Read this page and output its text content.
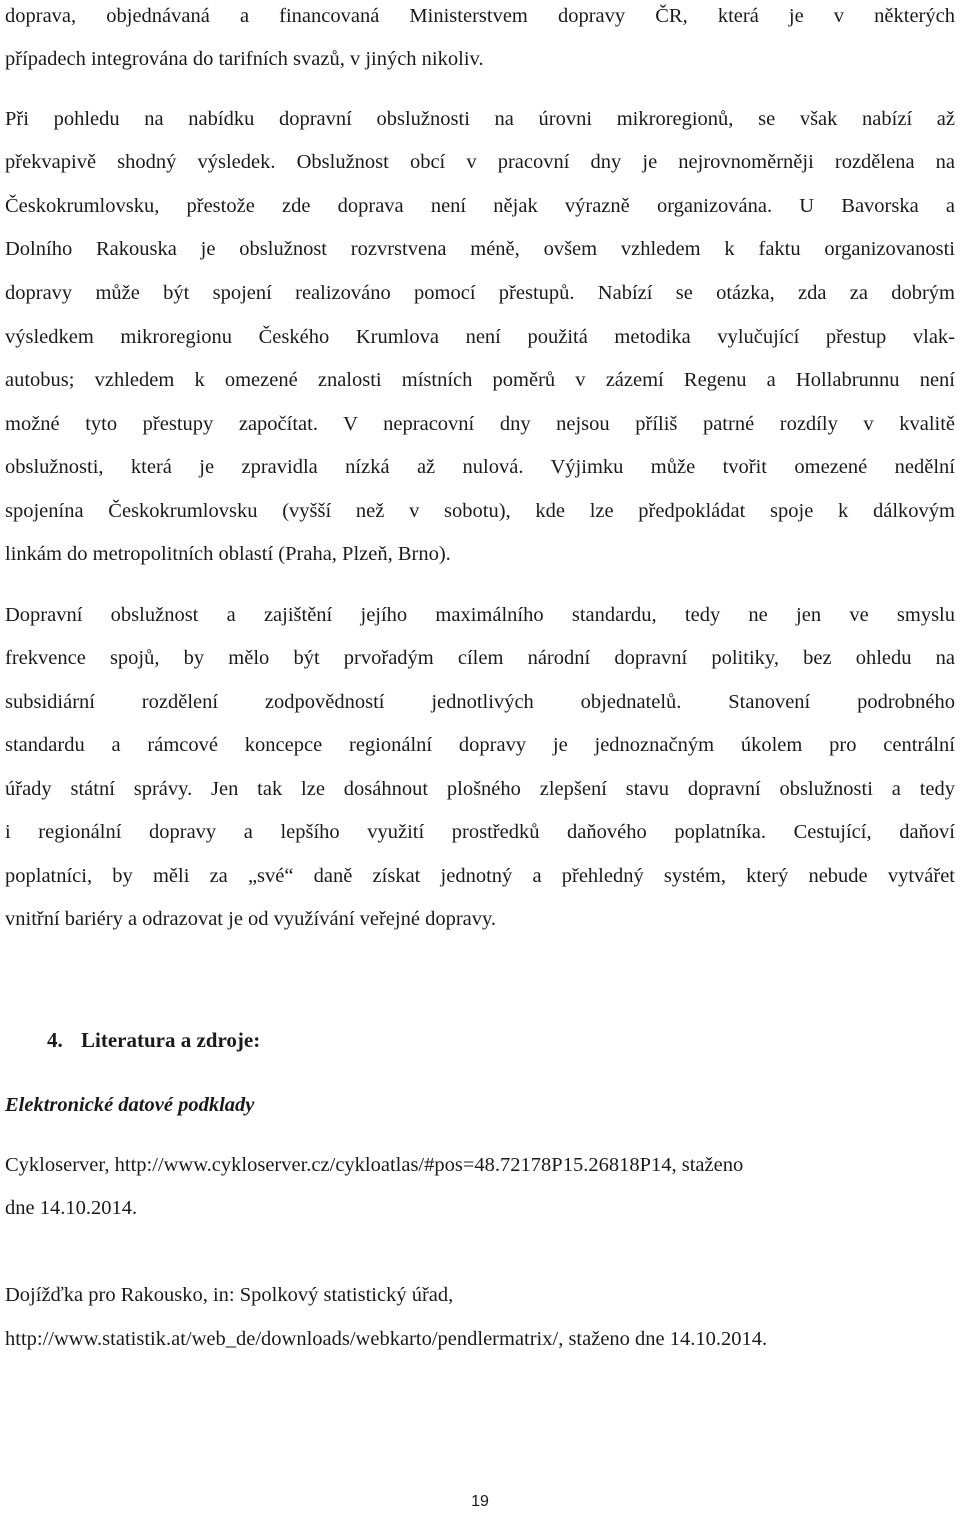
doprava, objednávaná a financovaná Ministerstvem dopravy ČR, která je v některých
případech integrována do tarifních svazů, v jiných nikoliv.
Při pohledu na nabídku dopravní obslužnosti na úrovni mikroregionů, se však nabízí až
překvapivě shodný výsledek. Obslužnost obcí v pracovní dny je nejrovnoměrněji rozdělena na
Českokrumlovsku, přestože zde doprava není nějak výrazně organizována. U Bavorska a
Dolního Rakouska je obslužnost rozvrstvena méně, ovšem vzhledem k faktu organizovanosti
dopravy může být spojení realizováno pomocí přestupů. Nabízí se otázka, zda za dobrým
výsledkem mikroregionu Českého Krumlova není použitá metodika vylučující přestup vlak-
autobus; vzhledem k omezené znalosti místních poměrů v zázemí Regenu a Hollabrunnu není
možné tyto přestupy započítat. V nepracovní dny nejsou příliš patrné rozdíly v kvalitě
obslužnosti, která je zpravidla nízká až nulová. Výjimku může tvořit omezené nedělní
spojenína Českokrumlovsku (vyšší než v sobotu), kde lze předpokládat spoje k dálkovým
linkám do metropolitních oblastí (Praha, Plzeň, Brno).
Dopravní obslužnost a zajištění jejího maximálního standardu, tedy ne jen ve smyslu
frekvence spojů, by mělo být prvořadým cílem národní dopravní politiky, bez ohledu na
subsidiární rozdělení zodpovědností jednotlivých objednatelů. Stanovení podrobného
standardu a rámcové koncepce regionální dopravy je jednoznačným úkolem pro centrální
úřady státní správy. Jen tak lze dosáhnout plošného zlepšení stavu dopravní obslužnosti a tedy
i regionální dopravy a lepšího využití prostředků daňového poplatníka. Cestující, daňoví
poplatníci, by měli za „své“ daně získat jednotný a přehledný systém, který nebude vytvářet
vnitřní bariéry a odrazovat je od využívání veřejné dopravy.
4. Literatura a zdroje:
Elektronické datové podklady
Cykloserver, http://www.cykloserver.cz/cykloatlas/#pos=48.72178P15.26818P14, staženo
dne 14.10.2014.
Dojížďka pro Rakousko, in: Spolkový statistický úřad,
http://www.statistik.at/web_de/downloads/webkarto/pendlermatrix/, staženo dne 14.10.2014.
19
